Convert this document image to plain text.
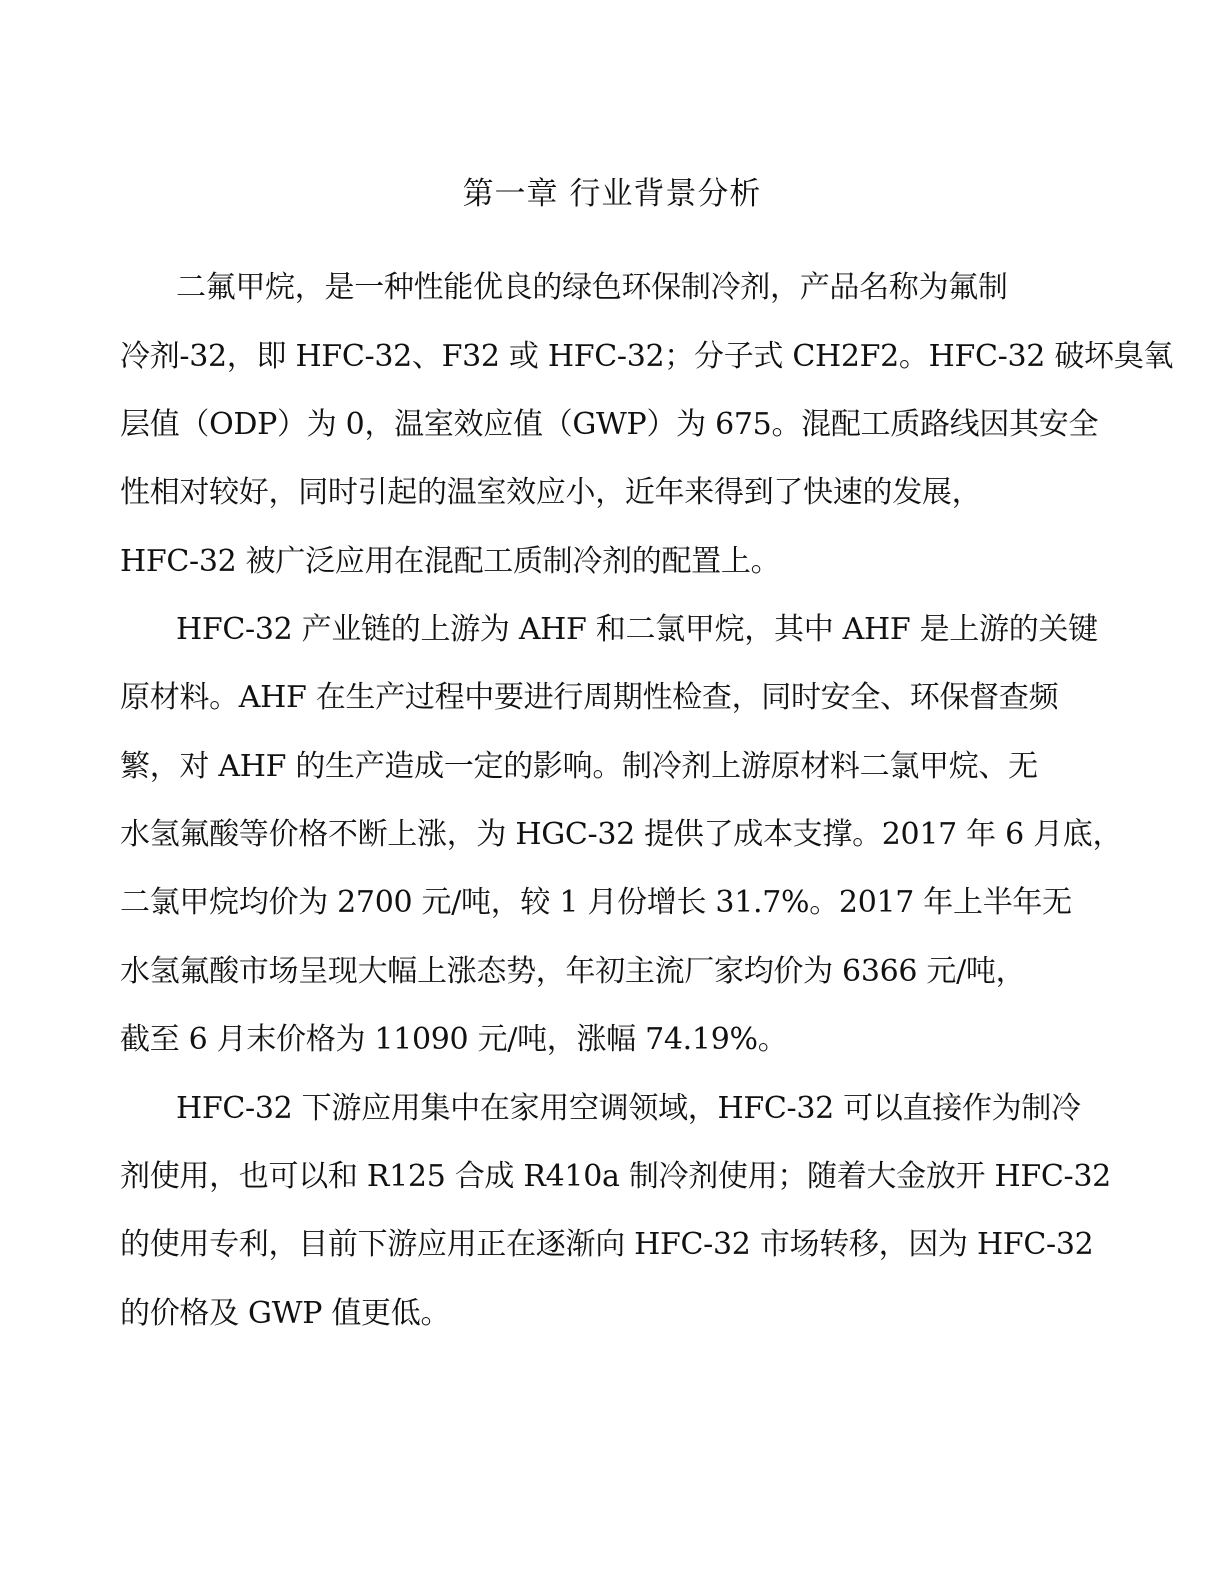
第一章 行业背景分析

二氟甲烷，是一种性能优良的绿色环保制冷剂，产品名称为氟制

冷剂-32，即 HFC-32、F32 或 HFC-32；分子式 CH2F2。HFC-32 破坏臭氧

层值（ODP）为 0，温室效应值（GWP）为 675。混配工质路线因其安全

性相对较好，同时引起的温室效应小，近年来得到了快速的发展，

HFC-32 被广泛应用在混配工质制冷剂的配置上。

HFC-32 产业链的上游为 AHF 和二氯甲烷，其中 AHF 是上游的关键

原材料。AHF 在生产过程中要进行周期性检查，同时安全、环保督查频

繁，对 AHF 的生产造成一定的影响。制冷剂上游原材料二氯甲烷、无

水氢氟酸等价格不断上涨，为 HGC-32 提供了成本支撑。2017 年 6 月底，

二氯甲烷均价为 2700 元/吨，较 1 月份增长 31.7%。2017 年上半年无

水氢氟酸市场呈现大幅上涨态势，年初主流厂家均价为 6366 元/吨，

截至 6 月末价格为 11090 元/吨，涨幅 74.19%。

HFC-32 下游应用集中在家用空调领域，HFC-32 可以直接作为制冷

剂使用，也可以和 R125 合成 R410a 制冷剂使用；随着大金放开 HFC-32

的使用专利，目前下游应用正在逐渐向 HFC-32 市场转移，因为 HFC-32

的价格及 GWP 值更低。
